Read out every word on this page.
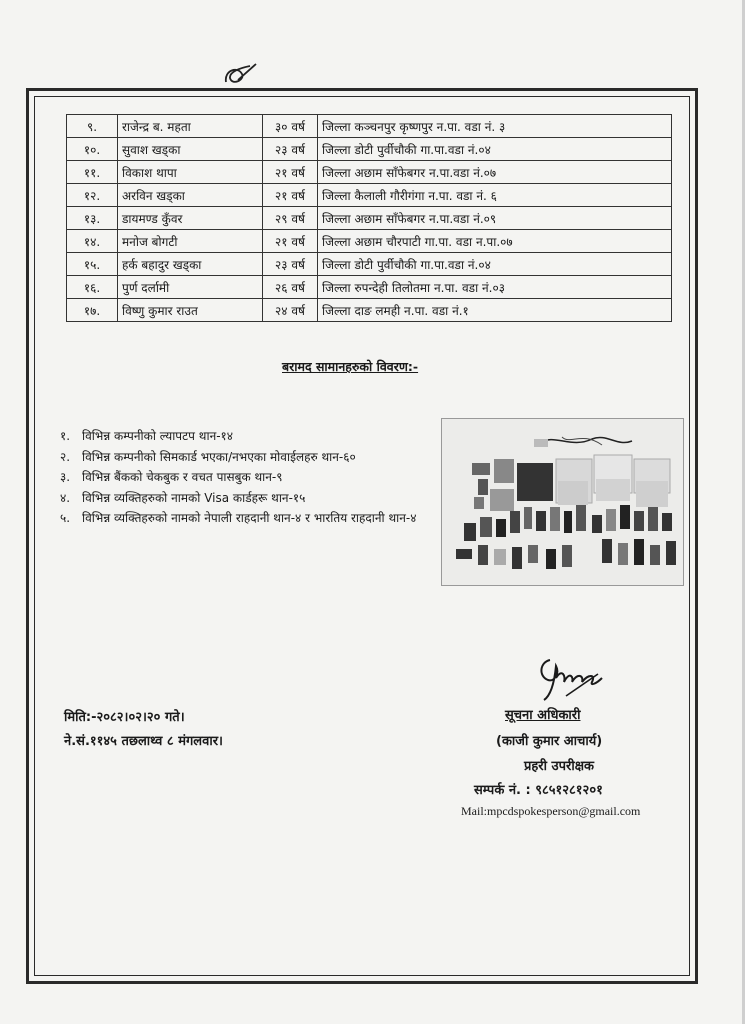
९.	राजेन्द्र ब. महता	३० वर्ष	जिल्ला कञ्चनपुर कृष्णपुर न.पा. वडा नं. ३
१०.	सुवाश खड्का	२३ वर्ष	जिल्ला डोटी पुर्वीचौकी गा.पा.वडा नं.०४
११.	विकाश थापा	२१ वर्ष	जिल्ला अछाम साँफेबगर न.पा.वडा नं.०७
१२.	अरविन खड्का	२१ वर्ष	जिल्ला कैलाली गौरीगंगा न.पा. वडा नं. ६
१३.	डायमण्ड कुँवर	२९ वर्ष	जिल्ला अछाम साँफेबगर न.पा.वडा नं.०९
१४.	मनोज बोगटी	२१ वर्ष	जिल्ला अछाम चौरपाटी गा.पा. वडा न.पा.०७
१५.	हर्क बहादुर खड्का	२३ वर्ष	जिल्ला डोटी पुर्वीचौकी गा.पा.वडा नं.०४
१६.	पुर्ण दर्लामी	२६ वर्ष	जिल्ला रुपन्देही तिलोतमा न.पा. वडा नं.०३
१७.	विष्णु कुमार राउत	२४ वर्ष	जिल्ला दाङ लमही न.पा. वडा नं.१
बरामद सामानहरुको विवरण:-
१. विभिन्न कम्पनीको ल्यापटप थान-१४
२. विभिन्न कम्पनीको सिमकार्ड भएका/नभएका मोवाईलहरु थान-६०
३. विभिन्न बैंकको चेकबुक र वचत पासबुक थान-९
४. विभिन्न व्यक्तिहरुको नामको Visa कार्डहरू थान-१५
५. विभिन्न व्यक्तिहरुको नामको नेपाली राहदानी थान-४ र भारतिय राहदानी थान-४
मिति:-२०८२।०२।२० गते।
ने.सं.११४५ तछलाथ्व ८ मंगलवार।
सूचना अधिकारी
(काजी कुमार आचार्य)
प्रहरी उपरीक्षक
सम्पर्क नं. : ९८५१२८१२०१
Mail:mpcdspokesperson@gmail.com
